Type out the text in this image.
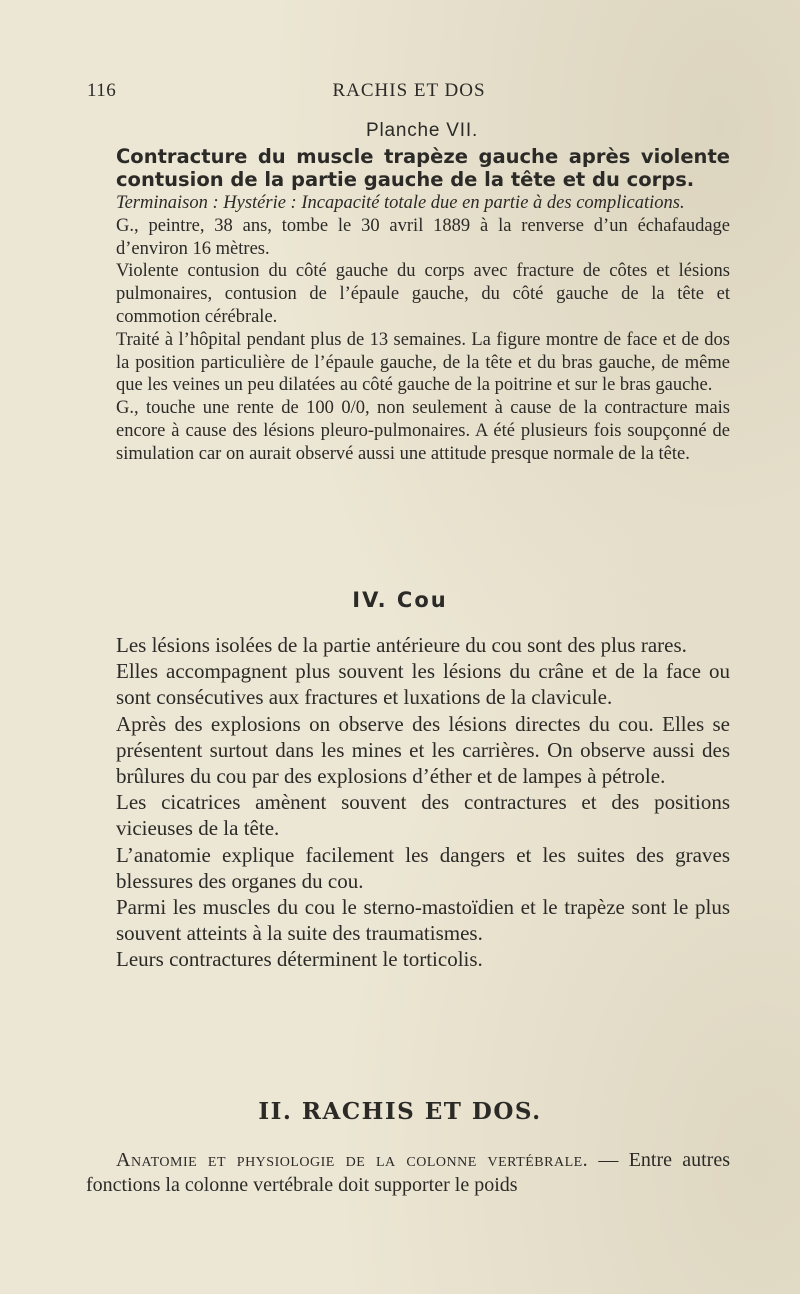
116	RACHIS ET DOS
Planche VII.
Contracture du muscle trapèze gauche après violente contusion de la partie gauche de la tête et du corps.

Terminaison : Hystérie : Incapacité totale due en partie à des complications.

G., peintre, 38 ans, tombe le 30 avril 1889 à la renverse d’un échafaudage d’environ 16 mètres.

Violente contusion du côté gauche du corps avec fracture de côtes et lésions pulmonaires, contusion de l’épaule gauche, du côté gauche de la tête et commotion cérébrale.

Traité à l’hôpital pendant plus de 13 semaines. La figure montre de face et de dos la position particulière de l’épaule gauche, de la tête et du bras gauche, de même que les veines un peu dilatées au côté gauche de la poitrine et sur le bras gauche.

G., touche une rente de 100 0/0, non seulement à cause de la contracture mais encore à cause des lésions pleuro-pulmonaires. A été plusieurs fois soupçonné de simulation car on aurait observé aussi une attitude presque normale de la tête.

IV. Cou

Les lésions isolées de la partie antérieure du cou sont des plus rares.

Elles accompagnent plus souvent les lésions du crâne et de la face ou sont consécutives aux fractures et luxations de la clavicule.

Après des explosions on observe des lésions directes du cou. Elles se présentent surtout dans les mines et les carrières. On observe aussi des brûlures du cou par des explosions d’éther et de lampes à pétrole.

Les cicatrices amènent souvent des contractures et des positions vicieuses de la tête.

L’anatomie explique facilement les dangers et les suites des graves blessures des organes du cou.

Parmi les muscles du cou le sterno-mastoïdien et le trapèze sont le plus souvent atteints à la suite des traumatismes.

Leurs contractures déterminent le torticolis.

II. RACHIS ET DOS.
Anatomie et physiologie de la colonne vertébrale. — Entre autres fonctions la colonne vertébrale doit supporter le poids
